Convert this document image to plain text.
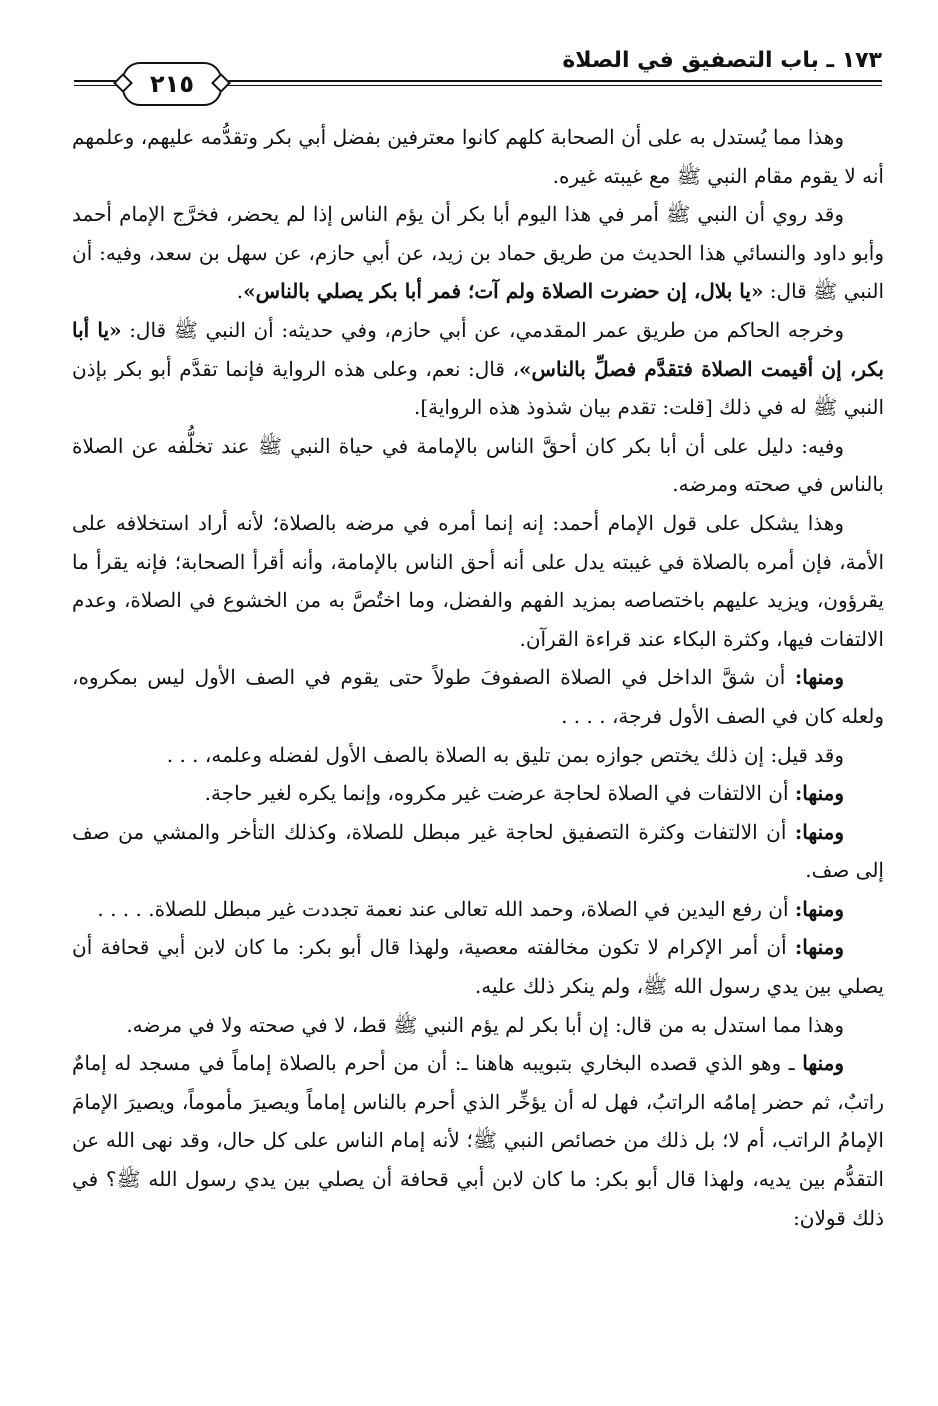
١٧٣ ـ باب التصفيق في الصلاة
٢١٥

وهذا مما يُستدل به على أن الصحابة كلهم كانوا معترفين بفضل أبي بكر وتقدُّمه عليهم، وعلمهم أنه لا يقوم مقام النبي ﷺ مع غيبته غيره.

وقد روي أن النبي ﷺ أمر في هذا اليوم أبا بكر أن يؤم الناس إذا لم يحضر، فخرَّج الإمام أحمد وأبو داود والنسائي هذا الحديث من طريق حماد بن زيد، عن أبي حازم، عن سهل بن سعد، وفيه: أن النبي ﷺ قال: «يا بلال، إن حضرت الصلاة ولم آت؛ فمر أبا بكر يصلي بالناس».

وخرجه الحاكم من طريق عمر المقدمي، عن أبي حازم، وفي حديثه: أن النبي ﷺ قال: «يا أبا بكر، إن أقيمت الصلاة فتقدَّم فصلِّ بالناس»، قال: نعم، وعلى هذه الرواية فإنما تقدَّم أبو بكر بإذن النبي ﷺ له في ذلك [قلت: تقدم بيان شذوذ هذه الرواية].

وفيه: دليل على أن أبا بكر كان أحقَّ الناس بالإمامة في حياة النبي ﷺ عند تخلُّفه عن الصلاة بالناس في صحته ومرضه.

وهذا يشكل على قول الإمام أحمد: إنه إنما أمره في مرضه بالصلاة؛ لأنه أراد استخلافه على الأمة، فإن أمره بالصلاة في غيبته يدل على أنه أحق الناس بالإمامة، وأنه أقرأ الصحابة؛ فإنه يقرأ ما يقرؤون، ويزيد عليهم باختصاصه بمزيد الفهم والفضل، وما اختُصَّ به من الخشوع في الصلاة، وعدم الالتفات فيها، وكثرة البكاء عند قراءة القرآن.

ومنها: أن شقَّ الداخل في الصلاة الصفوفَ طولاً حتى يقوم في الصف الأول ليس بمكروه، ولعله كان في الصف الأول فرجة، . . . .

وقد قيل: إن ذلك يختص جوازه بمن تليق به الصلاة بالصف الأول لفضله وعلمه، . . .

ومنها: أن الالتفات في الصلاة لحاجة عرضت غير مكروه، وإنما يكره لغير حاجة.

ومنها: أن الالتفات وكثرة التصفيق لحاجة غير مبطل للصلاة، وكذلك التأخر والمشي من صف إلى صف.

ومنها: أن رفع اليدين في الصلاة، وحمد الله تعالى عند نعمة تجددت غير مبطل للصلاة. . . . .

ومنها: أن أمر الإكرام لا تكون مخالفته معصية، ولهذا قال أبو بكر: ما كان لابن أبي قحافة أن يصلي بين يدي رسول الله ﷺ، ولم ينكر ذلك عليه.

وهذا مما استدل به من قال: إن أبا بكر لم يؤم النبي ﷺ قط، لا في صحته ولا في مرضه.

ومنها ـ وهو الذي قصده البخاري بتبويبه هاهنا ـ: أن من أحرم بالصلاة إماماً في مسجد له إمامٌ راتبٌ، ثم حضر إمامُه الراتبُ، فهل له أن يؤخِّر الذي أحرم بالناس إماماً ويصيرَ مأموماً، ويصيرَ الإمامَ الإمامُ الراتب، أم لا؛ بل ذلك من خصائص النبي ﷺ؛ لأنه إمام الناس على كل حال، وقد نهى الله عن التقدُّم بين يديه، ولهذا قال أبو بكر: ما كان لابن أبي قحافة أن يصلي بين يدي رسول الله ﷺ؟ في ذلك قولان:
